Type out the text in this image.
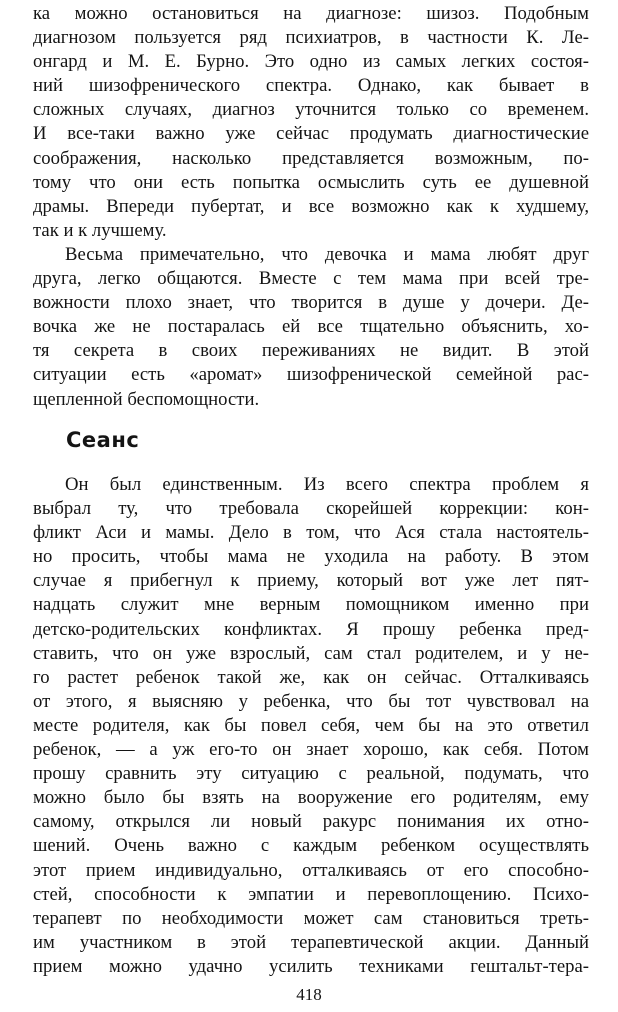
ка можно остановиться на диагнозе: шизоз. Подобным
диагнозом пользуется ряд психиатров, в частности К. Ле-
онгард и М. Е. Бурно. Это одно из самых легких состоя-
ний шизофренического спектра. Однако, как бывает в
сложных случаях, диагноз уточнится только со временем.
И все-таки важно уже сейчас продумать диагностические
соображения, насколько представляется возможным, по-
тому что они есть попытка осмыслить суть ее душевной
драмы. Впереди пубертат, и все возможно как к худшему,
так и к лучшему.
Весьма примечательно, что девочка и мама любят друг
друга, легко общаются. Вместе с тем мама при всей тре-
вожности плохо знает, что творится в душе у дочери. Де-
вочка же не постаралась ей все тщательно объяснить, хо-
тя секрета в своих переживаниях не видит. В этой
ситуации есть «аромат» шизофренической семейной рас-
щепленной беспомощности.
Сеанс
Он был единственным. Из всего спектра проблем я
выбрал ту, что требовала скорейшей коррекции: кон-
фликт Аси и мамы. Дело в том, что Ася стала настоятель-
но просить, чтобы мама не уходила на работу. В этом
случае я прибегнул к приему, который вот уже лет пят-
надцать служит мне верным помощником именно при
детско-родительских конфликтах. Я прошу ребенка пред-
ставить, что он уже взрослый, сам стал родителем, и у не-
го растет ребенок такой же, как он сейчас. Отталкиваясь
от этого, я выясняю у ребенка, что бы тот чувствовал на
месте родителя, как бы повел себя, чем бы на это ответил
ребенок, — а уж его-то он знает хорошо, как себя. Потом
прошу сравнить эту ситуацию с реальной, подумать, что
можно было бы взять на вооружение его родителям, ему
самому, открылся ли новый ракурс понимания их отно-
шений. Очень важно с каждым ребенком осуществлять
этот прием индивидуально, отталкиваясь от его способно-
стей, способности к эмпатии и перевоплощению. Психо-
терапевт по необходимости может сам становиться треть-
им участником в этой терапевтической акции. Данный
прием можно удачно усилить техниками гештальт-тера-
418
